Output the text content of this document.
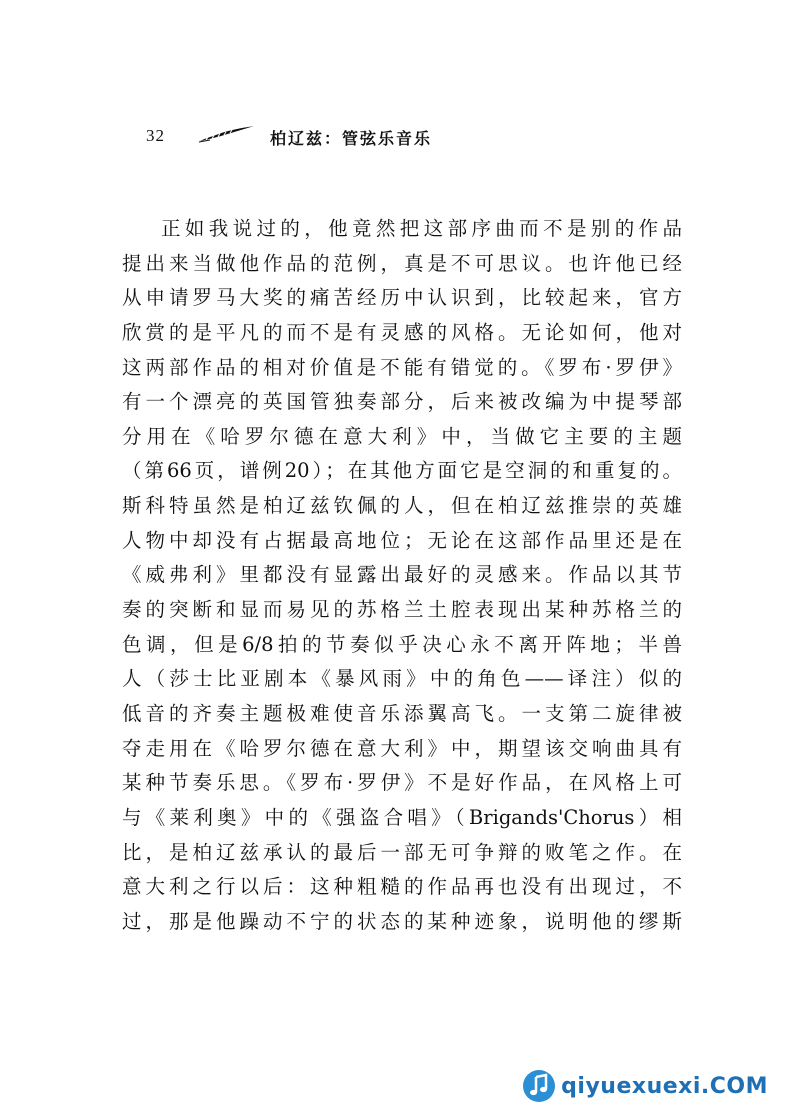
32	柏辽兹：管弦乐音乐
正如我说过的，他竟然把这部序曲而不是别的作品
提出来当做他作品的范例，真是不可思议。也许他已经
从申请罗马大奖的痛苦经历中认识到，比较起来，官方
欣赏的是平凡的而不是有灵感的风格。无论如何，他对
这两部作品的相对价值是不能有错觉的。《罗布·罗伊》
有一个漂亮的英国管独奏部分，后来被改编为中提琴部
分用在《哈罗尔德在意大利》中，当做它主要的主题
（第66页，谱例20）；在其他方面它是空洞的和重复的。
斯科特虽然是柏辽兹钦佩的人，但在柏辽兹推崇的英雄
人物中却没有占据最高地位；无论在这部作品里还是在
《威弗利》里都没有显露出最好的灵感来。作品以其节
奏的突断和显而易见的苏格兰土腔表现出某种苏格兰的
色调，但是6/8拍的节奏似乎决心永不离开阵地；半兽
人（莎士比亚剧本《暴风雨》中的角色——译注）似的
低音的齐奏主题极难使音乐添翼高飞。一支第二旋律被
夺走用在《哈罗尔德在意大利》中，期望该交响曲具有
某种节奏乐思。《罗布·罗伊》不是好作品，在风格上可
与《莱利奥》中的《强盗合唱》（Brigands'Chorus）相
比，是柏辽兹承认的最后一部无可争辩的败笔之作。在
意大利之行以后：这种粗糙的作品再也没有出现过，不
过，那是他躁动不宁的状态的某种迹象，说明他的缪斯
qiyuexuexi.COM
